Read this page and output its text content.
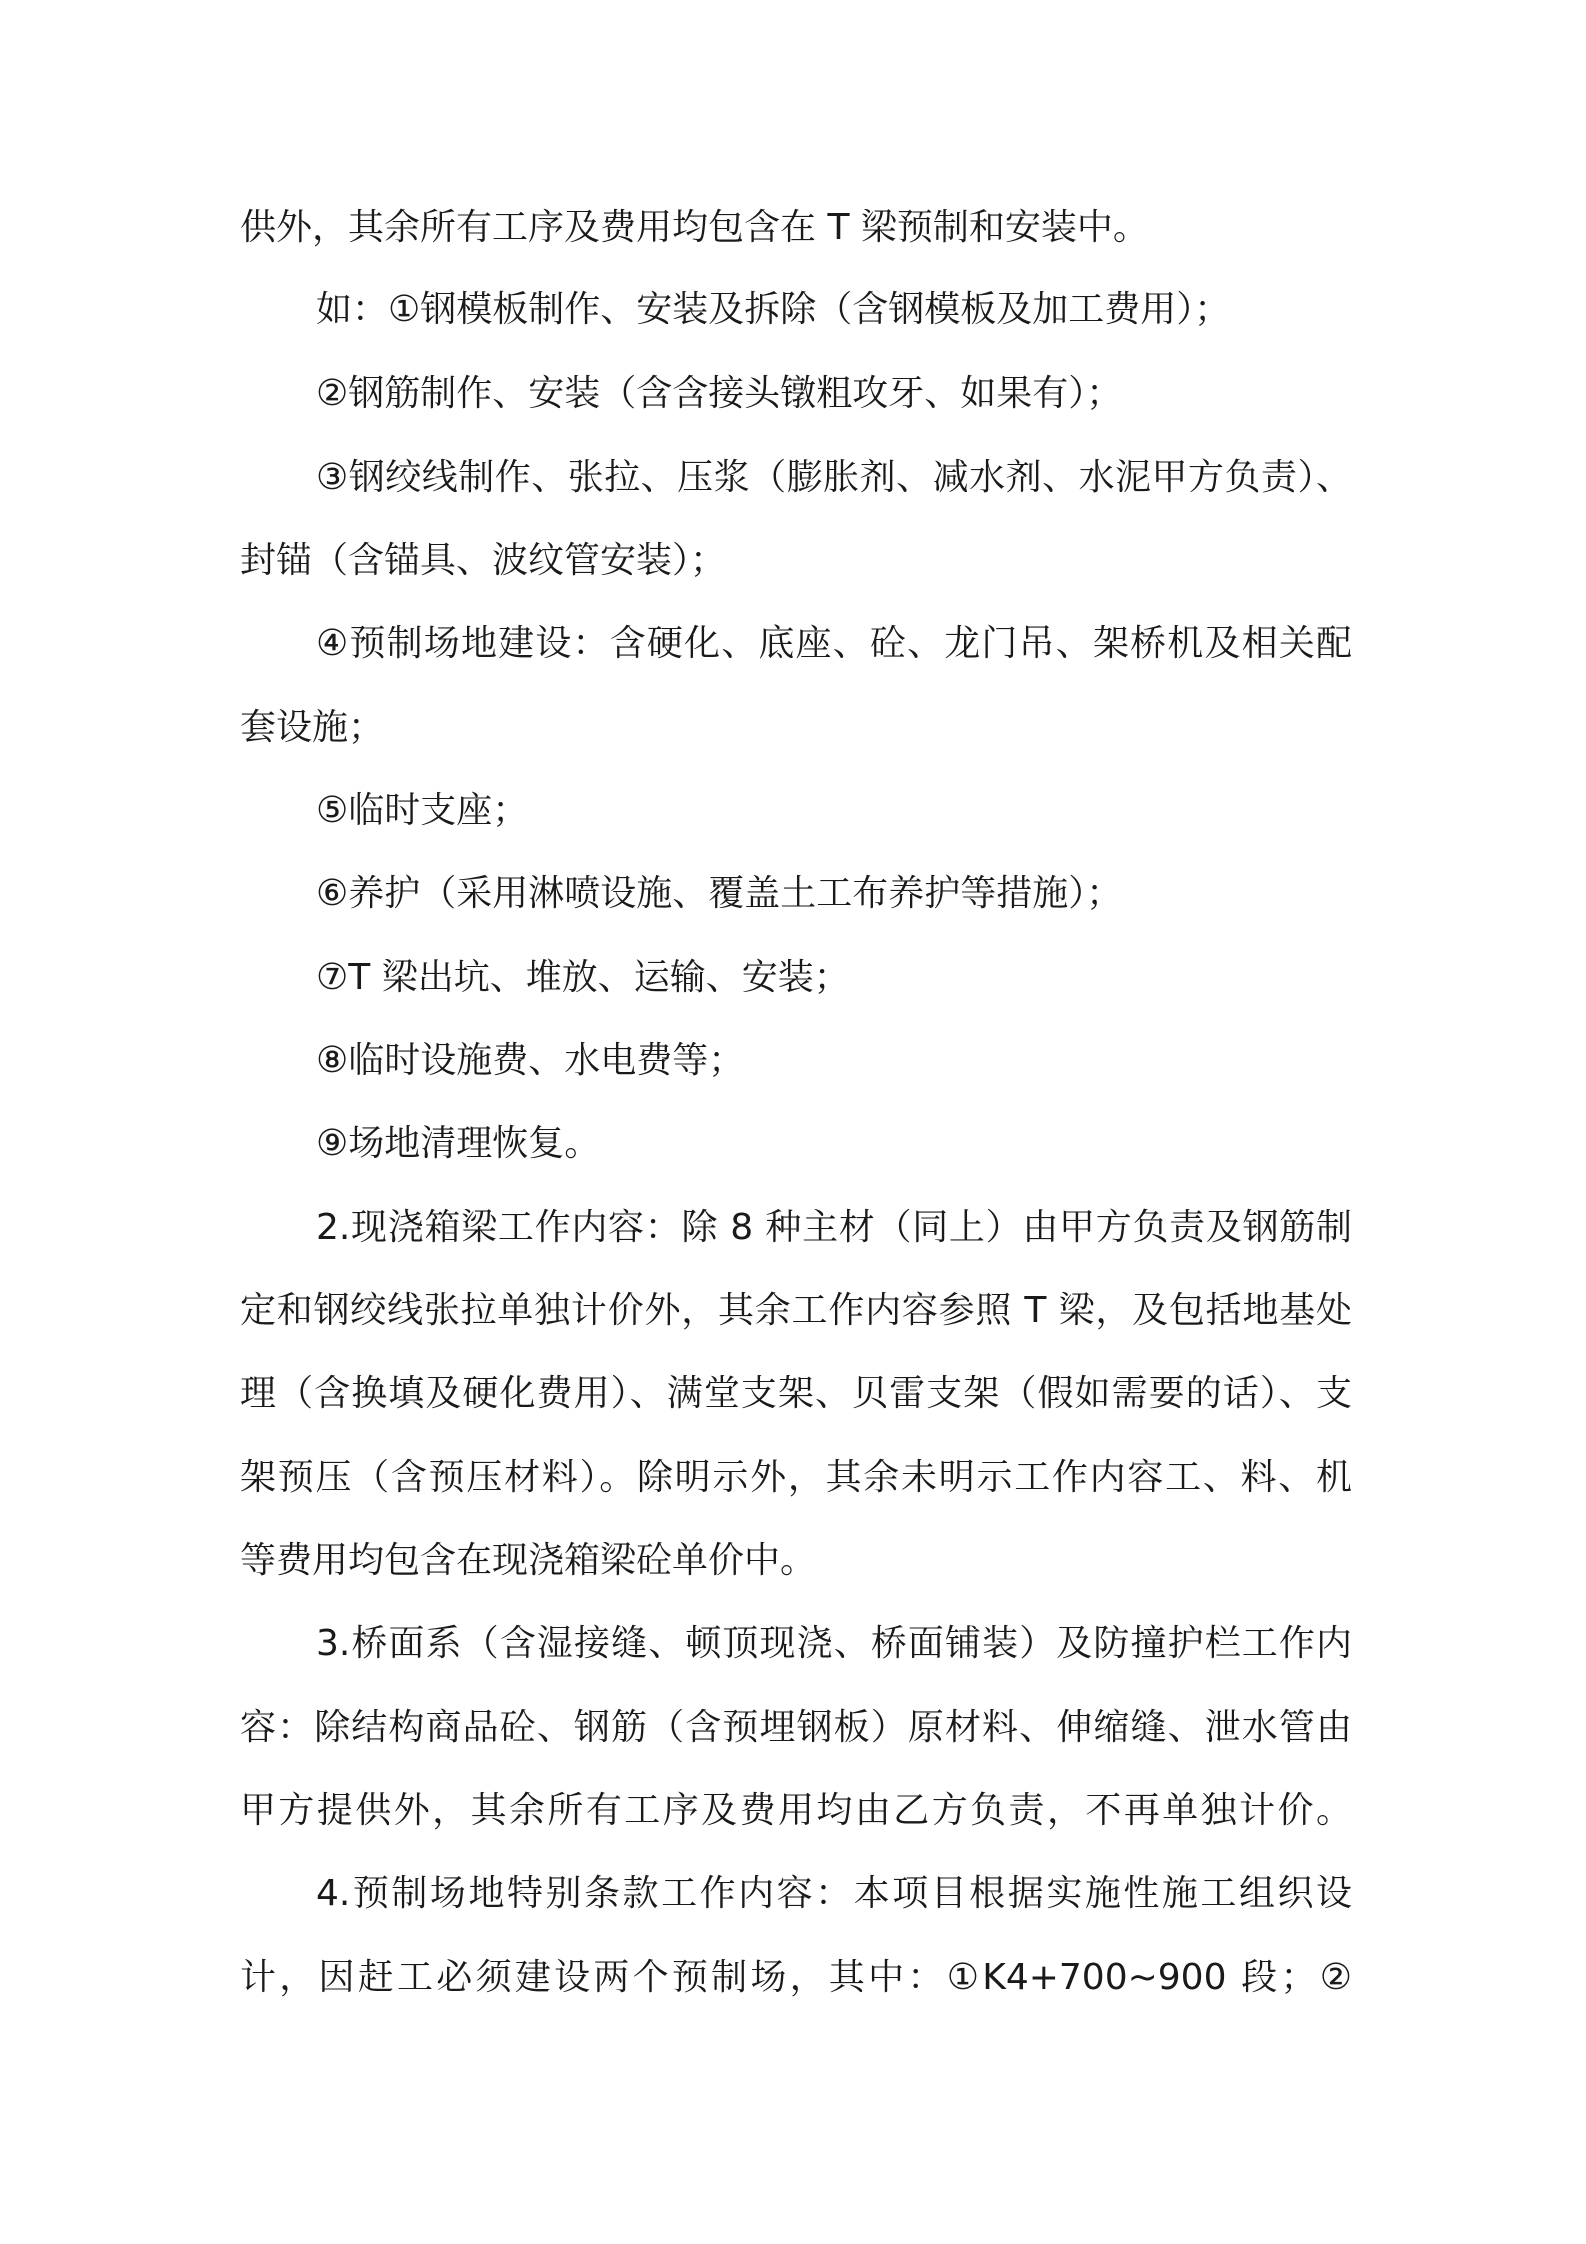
供外，其余所有工序及费用均包含在 T 梁预制和安装中。
如：①钢模板制作、安装及拆除（含钢模板及加工费用）；
②钢筋制作、安装（含含接头镦粗攻牙、如果有）；
③钢绞线制作、张拉、压浆（膨胀剂、减水剂、水泥甲方负责）、
封锚（含锚具、波纹管安装）；
④预制场地建设：含硬化、底座、砼、龙门吊、架桥机及相关配
套设施；
⑤临时支座；
⑥养护（采用淋喷设施、覆盖土工布养护等措施）；
⑦T 梁出坑、堆放、运输、安装；
⑧临时设施费、水电费等；
⑨场地清理恢复。
2.现浇箱梁工作内容：除 8 种主材（同上）由甲方负责及钢筋制
定和钢绞线张拉单独计价外，其余工作内容参照 T 梁，及包括地基处
理（含换填及硬化费用）、满堂支架、贝雷支架（假如需要的话）、支
架预压（含预压材料）。除明示外，其余未明示工作内容工、料、机
等费用均包含在现浇箱梁砼单价中。
3.桥面系（含湿接缝、顿顶现浇、桥面铺装）及防撞护栏工作内
容：除结构商品砼、钢筋（含预埋钢板）原材料、伸缩缝、泄水管由
甲方提供外，其余所有工序及费用均由乙方负责，不再单独计价。
4.预制场地特别条款工作内容：本项目根据实施性施工组织设
计，因赶工必须建设两个预制场，其中：①K4+700~900 段；②
